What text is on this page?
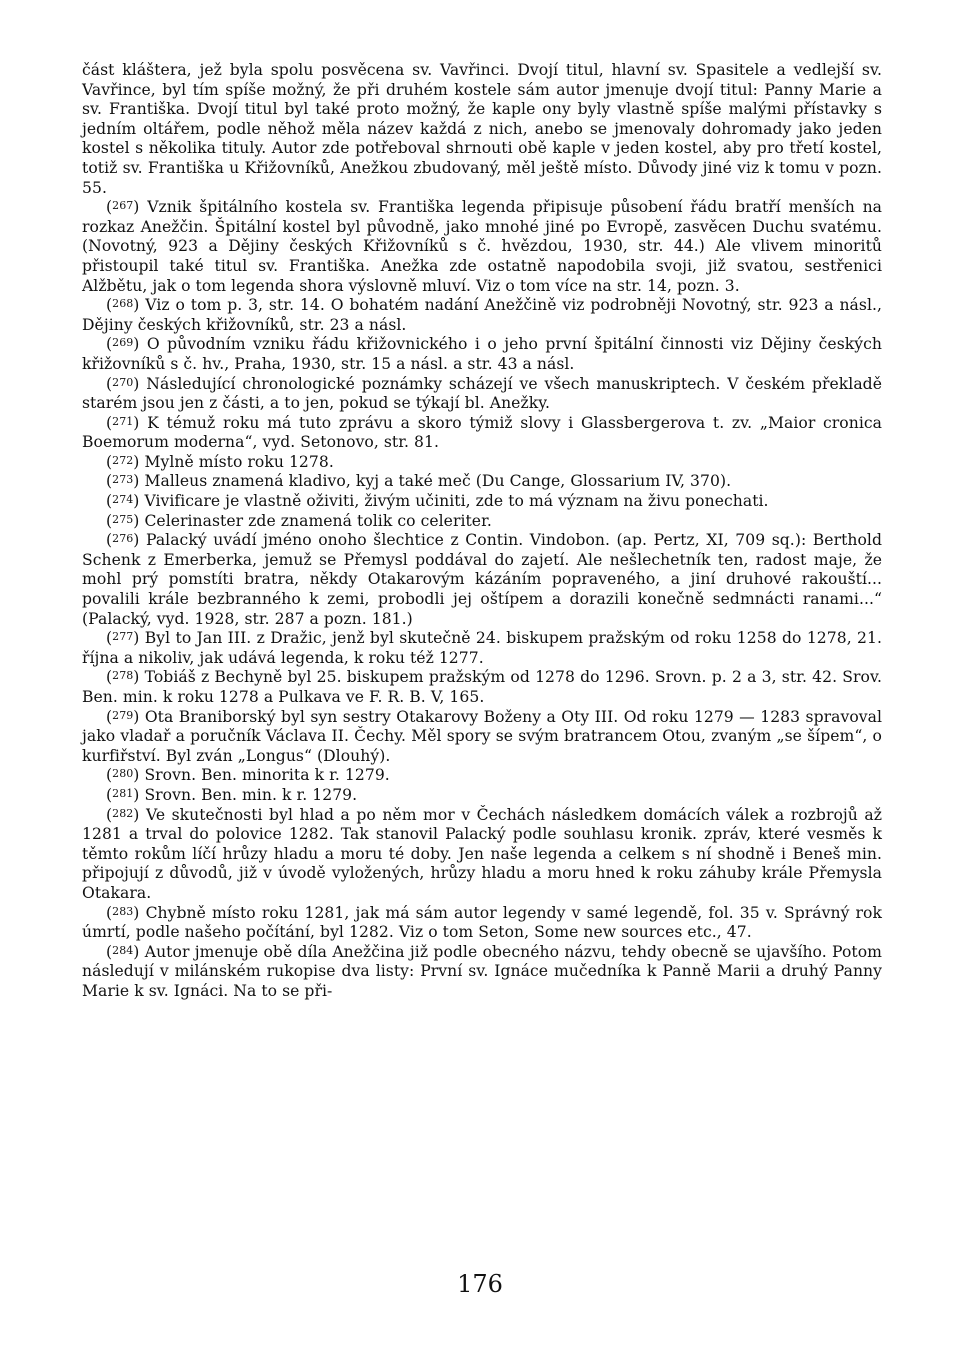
část kláštera, jež byla spolu posvěcena sv. Vavřinci. Dvojí titul, hlavní sv. Spasitele a vedlejší sv. Vavřince, byl tím spíše možný, že při druhém kostele sám autor jmenuje dvojí titul: Panny Marie a sv. Františka. Dvojí titul byl také proto možný, že kaple ony byly vlastně spíše malými přístavky s jedním oltářem, podle něhož měla název každá z nich, anebo se jmenovaly dohromady jako jeden kostel s několika tituly. Autor zde potřeboval shrnouti obě kaple v jeden kostel, aby pro třetí kostel, totiž sv. Františka u Křižovníků, Anežkou zbudovaný, měl ještě místo. Důvody jiné viz k tomu v pozn. 55.

(267) Vznik špitálního kostela sv. Františka legenda připisuje působení řádu bratří menších na rozkaz Anežčin. Špitální kostel byl původně, jako mnohé jiné po Evropě, zasvěcen Duchu svatému. (Novotný, 923 a Dějiny českých Křižovníků s č. hvězdou, 1930, str. 44.) Ale vlivem minoritů přistoupil také titul sv. Františka. Anežka zde ostatně napodobila svoji, již svatou, sestřenici Alžbětu, jak o tom legenda shora výslovně mluví. Viz o tom více na str. 14, pozn. 3.

(268) Viz o tom p. 3, str. 14. O bohatém nadání Anežčině viz podrobněji Novotný, str. 923 a násl., Dějiny českých křižovníků, str. 23 a násl.

(269) O původním vzniku řádu křižovnického i o jeho první špitální činnosti viz Dějiny českých křižovníků s č. hv., Praha, 1930, str. 15 a násl. a str. 43 a násl.

(270) Následující chronologické poznámky scházejí ve všech manuskriptech. V českém překladě starém jsou jen z části, a to jen, pokud se týkají bl. Anežky.

(271) K témuž roku má tuto zprávu a skoro týmiž slovy i Glassbergerova t. zv. „Maior cronica Boemorum moderna“, vyd. Setonovo, str. 81.

(272) Mylně místo roku 1278.

(273) Malleus znamená kladivo, kyj a také meč (Du Cange, Glossarium IV, 370).

(274) Vivificare je vlastně oživiti, živým učiniti, zde to má význam na živu ponechati.

(275) Celerinaster zde znamená tolik co celeriter.

(276) Palacký uvádí jméno onoho šlechtice z Contin. Vindobon. (ap. Pertz, XI, 709 sq.): Berthold Schenk z Emerberka, jemuž se Přemysl poddával do zajetí. Ale nešlechetník ten, radost maje, že mohl prý pomstíti bratra, někdy Otakarovým kázáním popraveného, a jiní druhové rakouští... povalili krále bezbranného k zemi, probodli jej oštípem a dorazili konečně sedmnácti ranami...“ (Palacký, vyd. 1928, str. 287 a pozn. 181.)

(277) Byl to Jan III. z Dražic, jenž byl skutečně 24. biskupem pražským od roku 1258 do 1278, 21. října a nikoliv, jak udává legenda, k roku též 1277.

(278) Tobiáš z Bechyně byl 25. biskupem pražským od 1278 do 1296. Srovn. p. 2 a 3, str. 42. Srov. Ben. min. k roku 1278 a Pulkava ve F. R. B. V, 165.

(279) Ota Braniborský byl syn sestry Otakarovy Boženy a Oty III. Od roku 1279 — 1283 spravoval jako vladař a poručník Václava II. Čechy. Měl spory se svým bratrancem Otou, zvaným „se šípem“, o kurfiřství. Byl zván „Longus“ (Dlouhý).

(280) Srovn. Ben. minorita k r. 1279.

(281) Srovn. Ben. min. k r. 1279.

(282) Ve skutečnosti byl hlad a po něm mor v Čechách následkem domácích válek a rozbrojů až 1281 a trval do polovice 1282. Tak stanovil Palacký podle souhlasu kronik. zpráv, které vesměs k těmto rokům líčí hrůzy hladu a moru té doby. Jen naše legenda a celkem s ní shodně i Beneš min. připojují z důvodů, již v úvodě vyložených, hrůzy hladu a moru hned k roku záhuby krále Přemysla Otakara.

(283) Chybně místo roku 1281, jak má sám autor legendy v samé legendě, fol. 35 v. Správný rok úmrtí, podle našeho počítání, byl 1282. Viz o tom Seton, Some new sources etc., 47.

(284) Autor jmenuje obě díla Anežčina již podle obecného názvu, tehdy obecně se ujavšího. Potom následují v milánském rukopise dva listy: První sv. Ignáce mučedníka k Panně Marii a druhý Panny Marie k sv. Ignáci. Na to se při-

176
